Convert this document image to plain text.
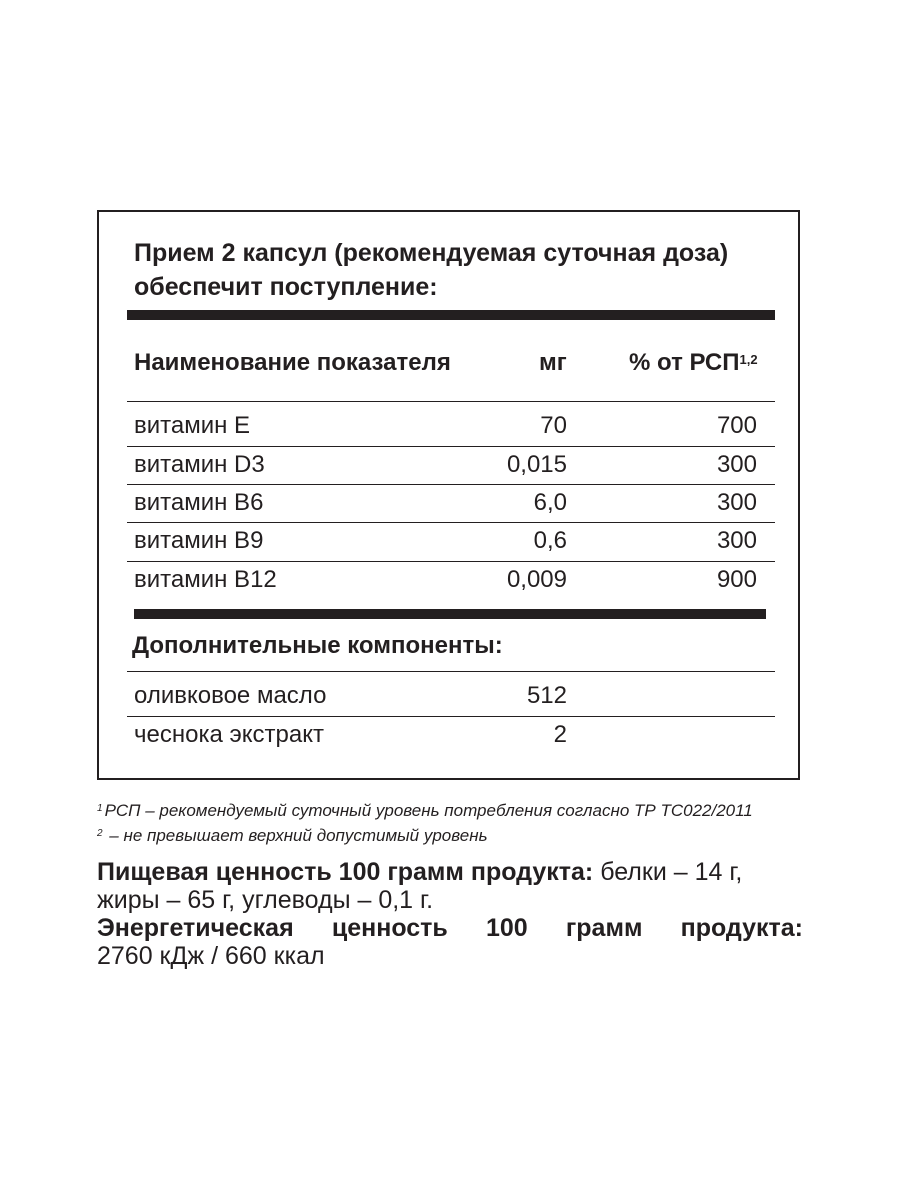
Прием 2 капсул (рекомендуемая суточная доза) обеспечит поступление:
Наименование показателя	мг	% от РСП$^{1,2}$
витамин E	70	700
витамин D3	0,015	300
витамин B6	6,0	300
витамин B9	0,6	300
витамин B12	0,009	900
Дополнительные компоненты:
оливковое масло	512
чеснока экстракт	2
$^1$ РСП – рекомендуемый суточный уровень потребления согласно ТР ТС022/2011
$^2$ – не превышает верхний допустимый уровень
Пищевая ценность 100 грамм продукта: белки – 14 г,
жиры – 65 г, углеводы – 0,1 г.
Энергетическая ценность 100 грамм продукта:
2760 кДж / 660 ккал
